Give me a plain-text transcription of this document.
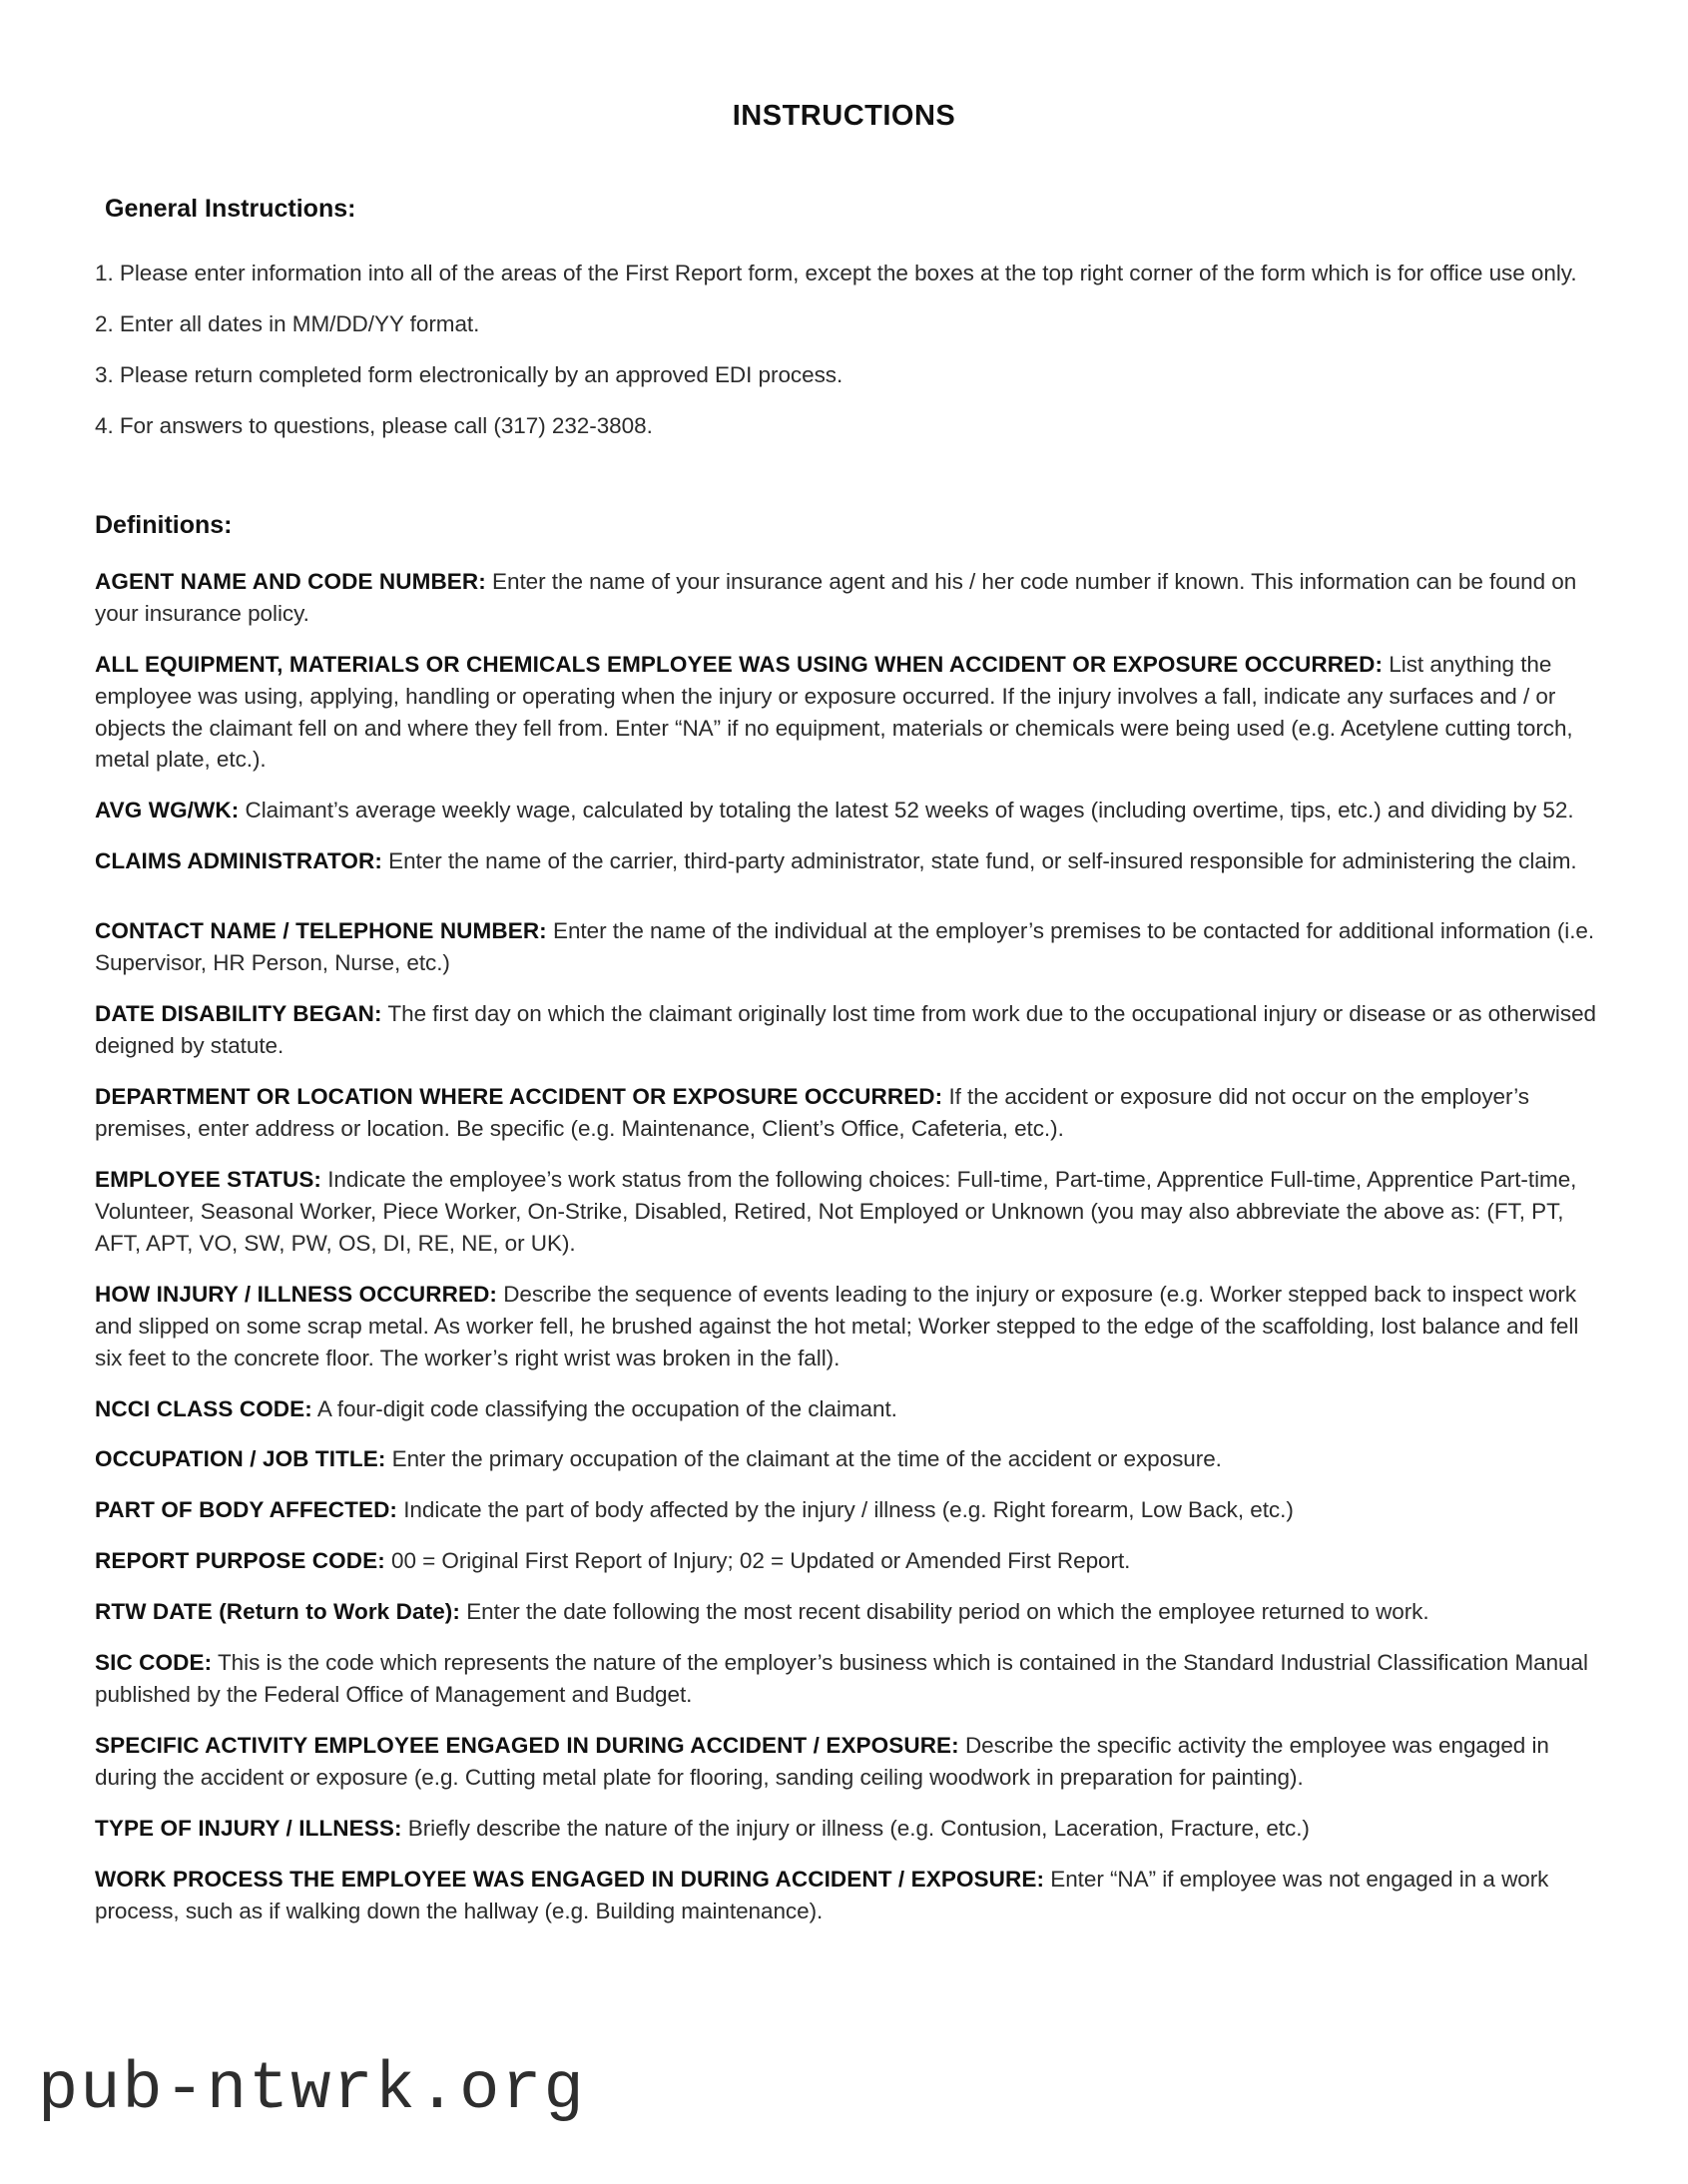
INSTRUCTIONS
General Instructions:

1. Please enter information into all of the areas of the First Report form, except the boxes at the top right corner of the form which is for office use only.

2. Enter all dates in MM/DD/YY format.

3. Please return completed form electronically by an approved EDI process.

4. For answers to questions, please call (317) 232-3808.

Definitions:

AGENT NAME AND CODE NUMBER: Enter the name of your insurance agent and his / her code number if known. This information can be found on your insurance policy.

ALL EQUIPMENT, MATERIALS OR CHEMICALS EMPLOYEE WAS USING WHEN ACCIDENT OR EXPOSURE OCCURRED: List anything the employee was using, applying, handling or operating when the injury or exposure occurred. If the injury involves a fall, indicate any surfaces and / or objects the claimant fell on and where they fell from. Enter “NA” if no equipment, materials or chemicals were being used (e.g. Acetylene cutting torch, metal plate, etc.).

AVG WG/WK: Claimant’s average weekly wage, calculated by totaling the latest 52 weeks of wages (including overtime, tips, etc.) and dividing by 52.

CLAIMS ADMINISTRATOR: Enter the name of the carrier, third-party administrator, state fund, or self-insured responsible for administering the claim.

CONTACT NAME / TELEPHONE NUMBER: Enter the name of the individual at the employer’s premises to be contacted for additional information (i.e. Supervisor, HR Person, Nurse, etc.)

DATE DISABILITY BEGAN: The first day on which the claimant originally lost time from work due to the occupational injury or disease or as otherwised deigned by statute.

DEPARTMENT OR LOCATION WHERE ACCIDENT OR EXPOSURE OCCURRED: If the accident or exposure did not occur on the employer’s premises, enter address or location. Be specific (e.g. Maintenance, Client’s Office, Cafeteria, etc.).

EMPLOYEE STATUS: Indicate the employee’s work status from the following choices: Full-time, Part-time, Apprentice Full-time, Apprentice Part-time, Volunteer, Seasonal Worker, Piece Worker, On-Strike, Disabled, Retired, Not Employed or Unknown (you may also abbreviate the above as: (FT, PT, AFT, APT, VO, SW, PW, OS, DI, RE, NE, or UK).

HOW INJURY / ILLNESS OCCURRED: Describe the sequence of events leading to the injury or exposure (e.g. Worker stepped back to inspect work and slipped on some scrap metal. As worker fell, he brushed against the hot metal; Worker stepped to the edge of the scaffolding, lost balance and fell six feet to the concrete floor. The worker’s right wrist was broken in the fall).

NCCI CLASS CODE: A four-digit code classifying the occupation of the claimant.

OCCUPATION / JOB TITLE: Enter the primary occupation of the claimant at the time of the accident or exposure.

PART OF BODY AFFECTED: Indicate the part of body affected by the injury / illness (e.g. Right forearm, Low Back, etc.)

REPORT PURPOSE CODE: 00 = Original First Report of Injury; 02 = Updated or Amended First Report.

RTW DATE (Return to Work Date): Enter the date following the most recent disability period on which the employee returned to work.

SIC CODE: This is the code which represents the nature of the employer’s business which is contained in the Standard Industrial Classification Manual published by the Federal Office of Management and Budget.

SPECIFIC ACTIVITY EMPLOYEE ENGAGED IN DURING ACCIDENT / EXPOSURE: Describe the specific activity the employee was engaged in during the accident or exposure (e.g. Cutting metal plate for flooring, sanding ceiling woodwork in preparation for painting).

TYPE OF INJURY / ILLNESS: Briefly describe the nature of the injury or illness (e.g. Contusion, Laceration, Fracture, etc.)

WORK PROCESS THE EMPLOYEE WAS ENGAGED IN DURING ACCIDENT / EXPOSURE: Enter “NA” if employee was not engaged in a work process, such as if walking down the hallway (e.g. Building maintenance).

pub-ntwrk.org
